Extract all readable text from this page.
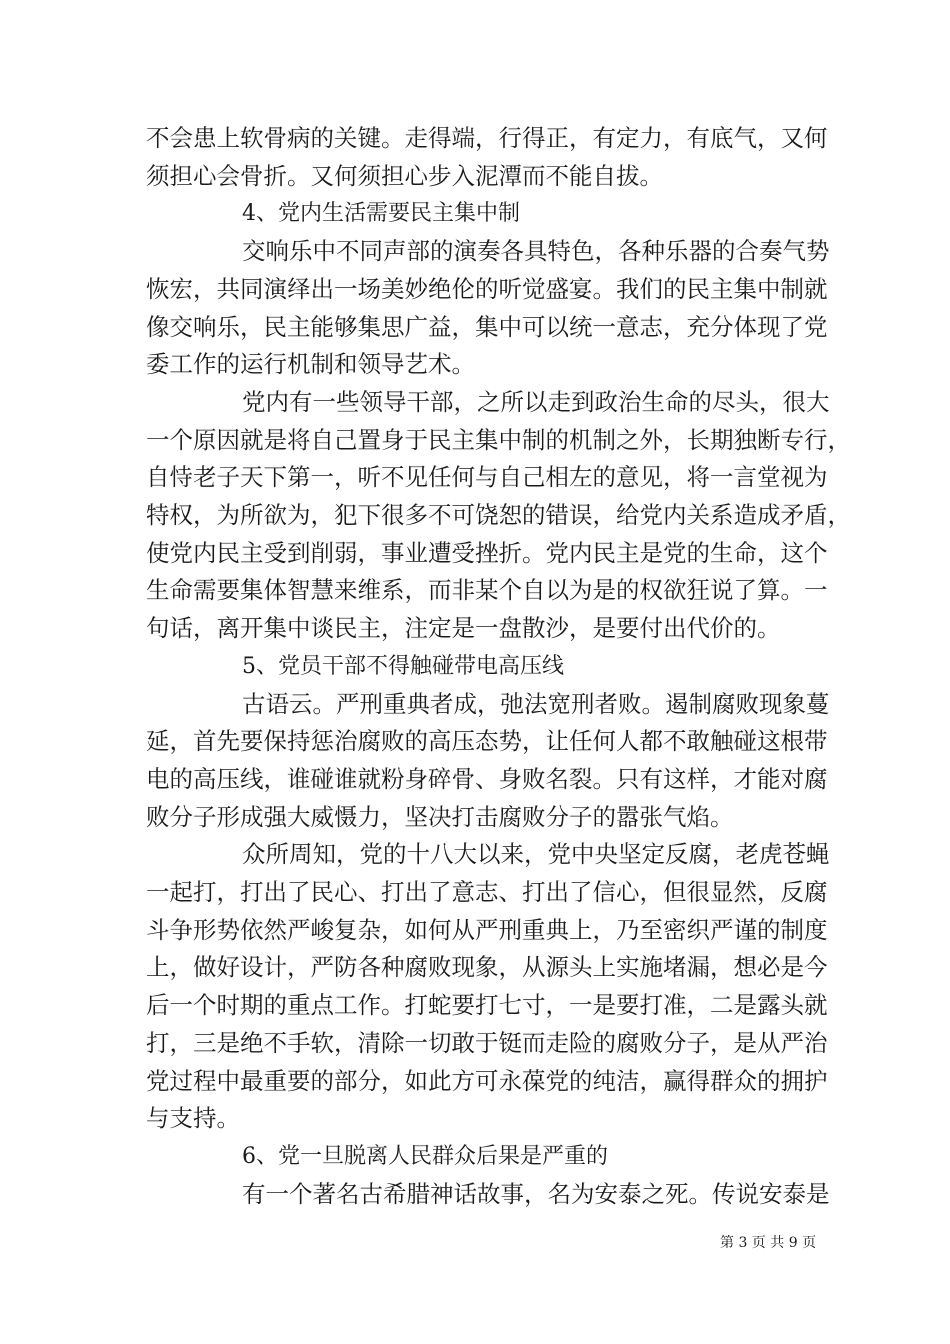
不会患上软骨病的关键。走得端，行得正，有定力，有底气，又何
须担心会骨折。又何须担心步入泥潭而不能自拔。
4、党内生活需要民主集中制
交响乐中不同声部的演奏各具特色，各种乐器的合奏气势
恢宏，共同演绎出一场美妙绝伦的听觉盛宴。我们的民主集中制就
像交响乐，民主能够集思广益，集中可以统一意志，充分体现了党
委工作的运行机制和领导艺术。
党内有一些领导干部，之所以走到政治生命的尽头，很大
一个原因就是将自己置身于民主集中制的机制之外，长期独断专行，
自恃老子天下第一，听不见任何与自己相左的意见，将一言堂视为
特权，为所欲为，犯下很多不可饶恕的错误，给党内关系造成矛盾，
使党内民主受到削弱，事业遭受挫折。党内民主是党的生命，这个
生命需要集体智慧来维系，而非某个自以为是的权欲狂说了算。一
句话，离开集中谈民主，注定是一盘散沙，是要付出代价的。
5、党员干部不得触碰带电高压线
古语云。严刑重典者成，弛法宽刑者败。遏制腐败现象蔓
延，首先要保持惩治腐败的高压态势，让任何人都不敢触碰这根带
电的高压线，谁碰谁就粉身碎骨、身败名裂。只有这样，才能对腐
败分子形成强大威慑力，坚决打击腐败分子的嚣张气焰。
众所周知，党的十八大以来，党中央坚定反腐，老虎苍蝇
一起打，打出了民心、打出了意志、打出了信心，但很显然，反腐
斗争形势依然严峻复杂，如何从严刑重典上，乃至密织严谨的制度
上，做好设计，严防各种腐败现象，从源头上实施堵漏，想必是今
后一个时期的重点工作。打蛇要打七寸，一是要打准，二是露头就
打，三是绝不手软，清除一切敢于铤而走险的腐败分子，是从严治
党过程中最重要的部分，如此方可永葆党的纯洁，赢得群众的拥护
与支持。
6、党一旦脱离人民群众后果是严重的
有一个著名古希腊神话故事，名为安泰之死。传说安泰是
第 3 页 共 9 页
